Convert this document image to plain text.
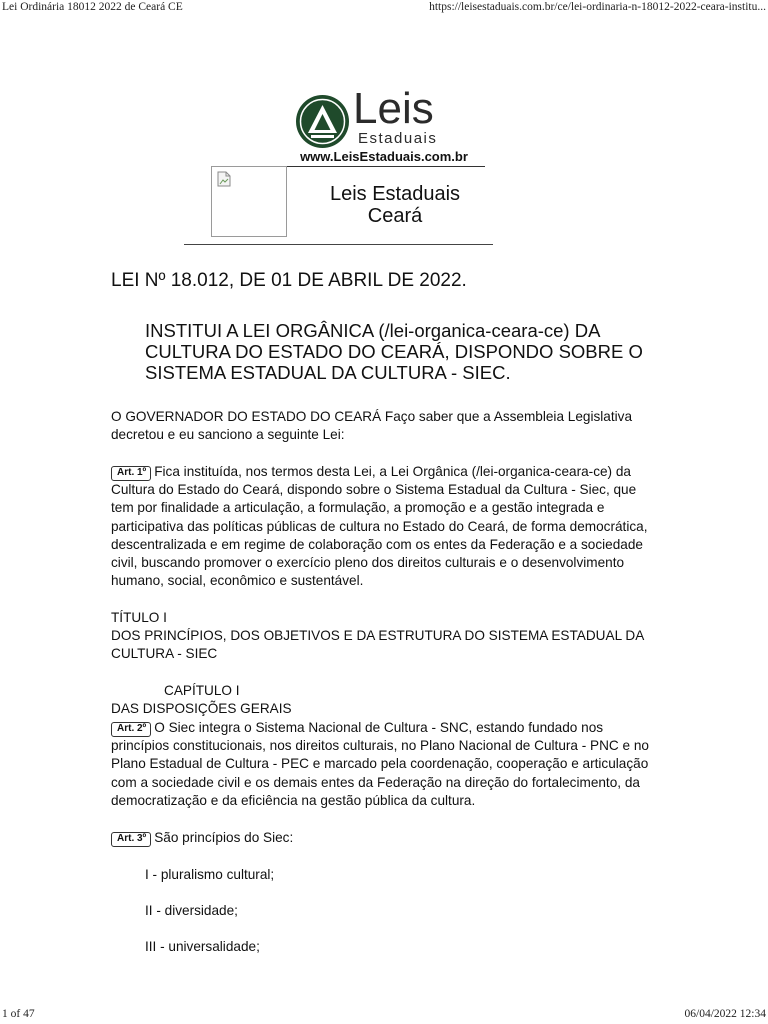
Lei Ordinária 18012 2022 de Ceará CE	https://leisestaduais.com.br/ce/lei-ordinaria-n-18012-2022-ceara-institu...
Leis
Estaduais
www.LeisEstaduais.com.br
Leis Estaduais
Ceará
LEI Nº 18.012, DE 01 DE ABRIL DE 2022.
INSTITUI A LEI ORGÂNICA (/lei-organica-ceara-ce) DA CULTURA DO ESTADO DO CEARÁ, DISPONDO SOBRE O SISTEMA ESTADUAL DA CULTURA - SIEC.
O GOVERNADOR DO ESTADO DO CEARÁ Faço saber que a Assembleia Legislativa decretou e eu sanciono a seguinte Lei:
Art. 1º Fica instituída, nos termos desta Lei, a Lei Orgânica (/lei-organica-ceara-ce) da Cultura do Estado do Ceará, dispondo sobre o Sistema Estadual da Cultura - Siec, que tem por finalidade a articulação, a formulação, a promoção e a gestão integrada e participativa das políticas públicas de cultura no Estado do Ceará, de forma democrática, descentralizada e em regime de colaboração com os entes da Federação e a sociedade civil, buscando promover o exercício pleno dos direitos culturais e o desenvolvimento humano, social, econômico e sustentável.
TÍTULO I
DOS PRINCÍPIOS, DOS OBJETIVOS E DA ESTRUTURA DO SISTEMA ESTADUAL DA CULTURA - SIEC
CAPÍTULO I
DAS DISPOSIÇÕES GERAIS
Art. 2º O Siec integra o Sistema Nacional de Cultura - SNC, estando fundado nos princípios constitucionais, nos direitos culturais, no Plano Nacional de Cultura - PNC e no Plano Estadual de Cultura - PEC e marcado pela coordenação, cooperação e articulação com a sociedade civil e os demais entes da Federação na direção do fortalecimento, da democratização e da eficiência na gestão pública da cultura.
Art. 3º São princípios do Siec:
I - pluralismo cultural;
II - diversidade;
III - universalidade;
1 of 47	06/04/2022 12:34
